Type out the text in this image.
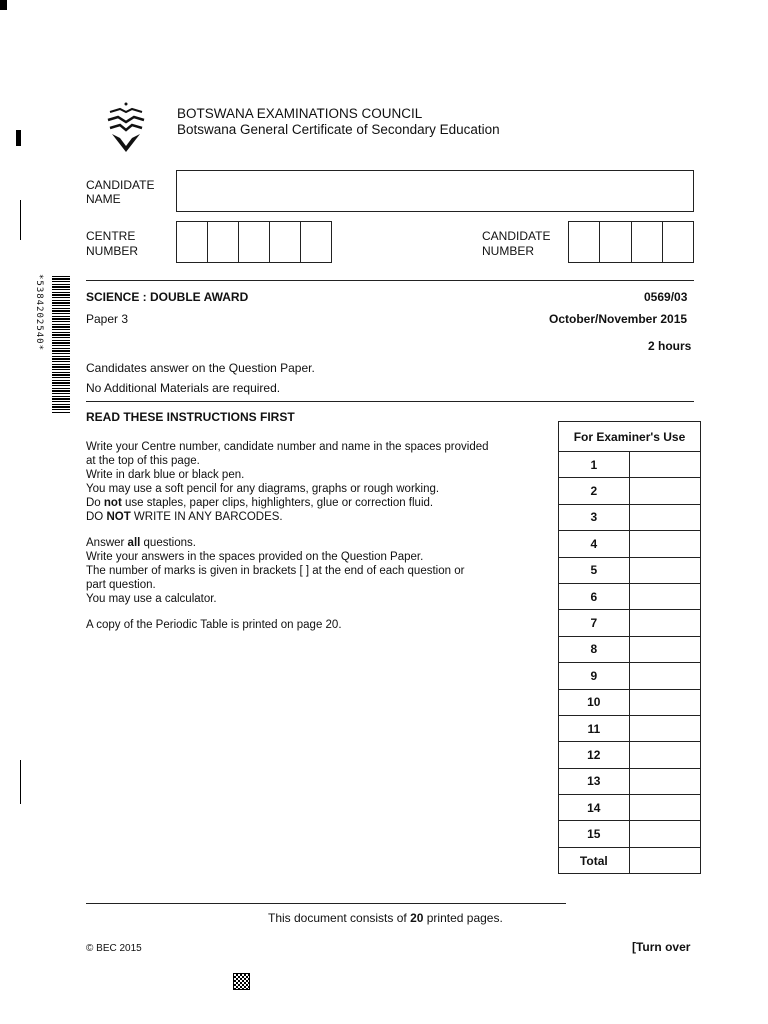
BOTSWANA EXAMINATIONS COUNCIL
Botswana General Certificate of Secondary Education
CANDIDATE
NAME
CENTRE
NUMBER
CANDIDATE
NUMBER
*5384202540*	SCIENCE : DOUBLE AWARD	0569/03
Paper 3	October/November 2015
2 hours
Candidates answer on the Question Paper.
No Additional Materials are required.
READ THESE INSTRUCTIONS FIRST

Write your Centre number, candidate number and name in the spaces provided

at the top of this page.

Write in dark blue or black pen.

You may use a soft pencil for any diagrams, graphs or rough working.

Do not use staples, paper clips, highlighters, glue or correction fluid.

DO NOT WRITE IN ANY BARCODES.

Answer all questions.

Write your answers in the spaces provided on the Question Paper.

The number of marks is given in brackets [ ] at the end of each question or

part question.

You may use a calculator.

A copy of the Periodic Table is printed on page 20.

For Examiner's Use	
1	
2	
3	
4	
5	
6	
7	
8	
9	
10	
11	
12	
13	
14	
15	
Total	
This document consists of 20 printed pages.
© BEC 2015	[Turn over
